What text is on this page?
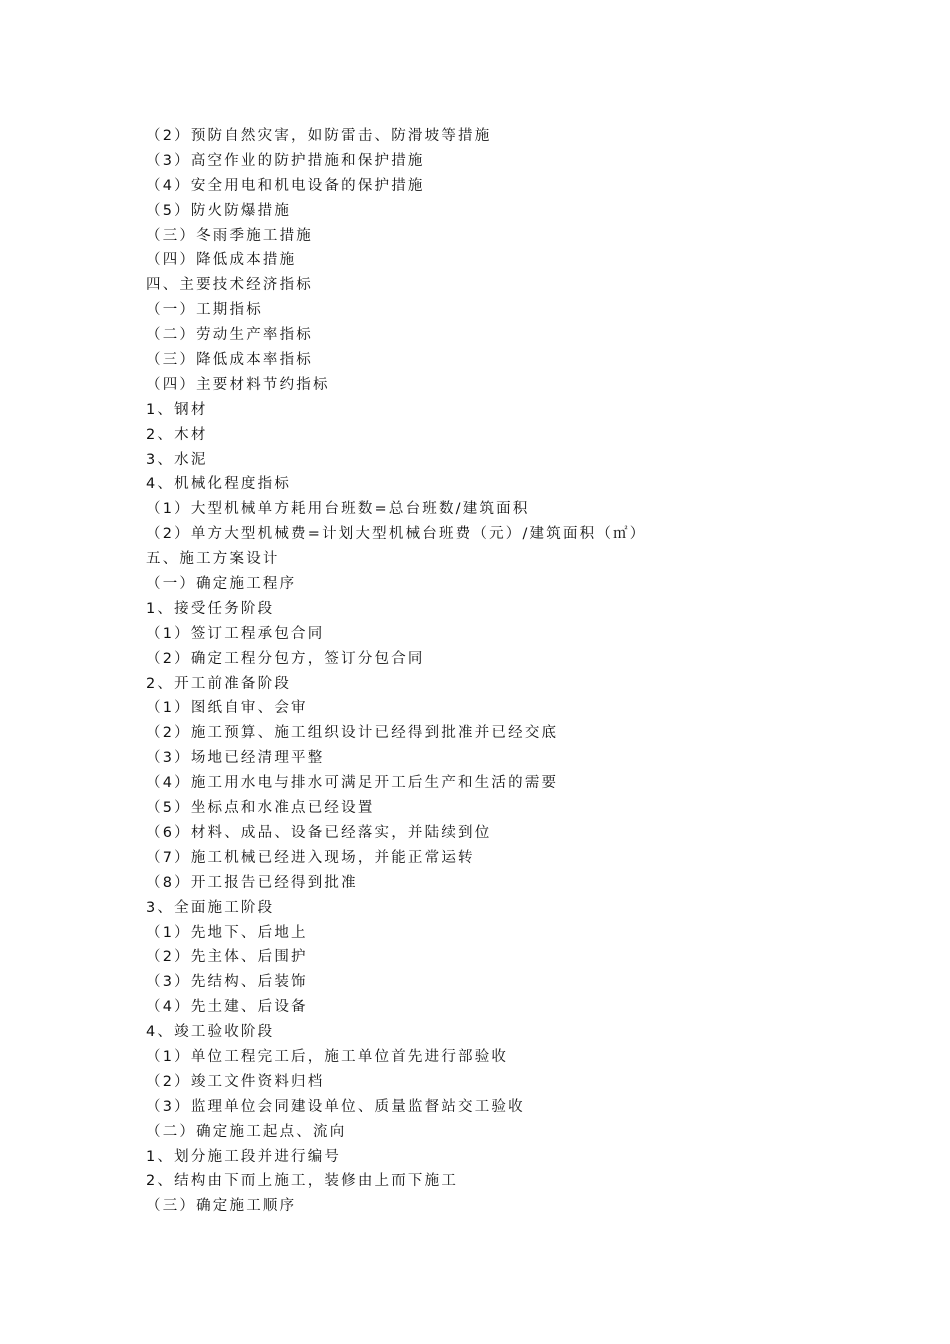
（2）预防自然灾害，如防雷击、防滑坡等措施
（3）高空作业的防护措施和保护措施
（4）安全用电和机电设备的保护措施
（5）防火防爆措施
（三）冬雨季施工措施
（四）降低成本措施
四、主要技术经济指标
（一）工期指标
（二）劳动生产率指标
（三）降低成本率指标
（四）主要材料节约指标
1、钢材
2、木材
3、水泥
4、机械化程度指标
（1）大型机械单方耗用台班数=总台班数/建筑面积
（2）单方大型机械费=计划大型机械台班费（元）/建筑面积（㎡）
五、施工方案设计
（一）确定施工程序
1、接受任务阶段
（1）签订工程承包合同
（2）确定工程分包方，签订分包合同
2、开工前准备阶段
（1）图纸自审、会审
（2）施工预算、施工组织设计已经得到批准并已经交底
（3）场地已经清理平整
（4）施工用水电与排水可满足开工后生产和生活的需要
（5）坐标点和水准点已经设置
（6）材料、成品、设备已经落实，并陆续到位
（7）施工机械已经进入现场，并能正常运转
（8）开工报告已经得到批准
3、全面施工阶段
（1）先地下、后地上
（2）先主体、后围护
（3）先结构、后装饰
（4）先土建、后设备
4、竣工验收阶段
（1）单位工程完工后，施工单位首先进行部验收
（2）竣工文件资料归档
（3）监理单位会同建设单位、质量监督站交工验收
（二）确定施工起点、流向
1、划分施工段并进行编号
2、结构由下而上施工，装修由上而下施工
（三）确定施工顺序
